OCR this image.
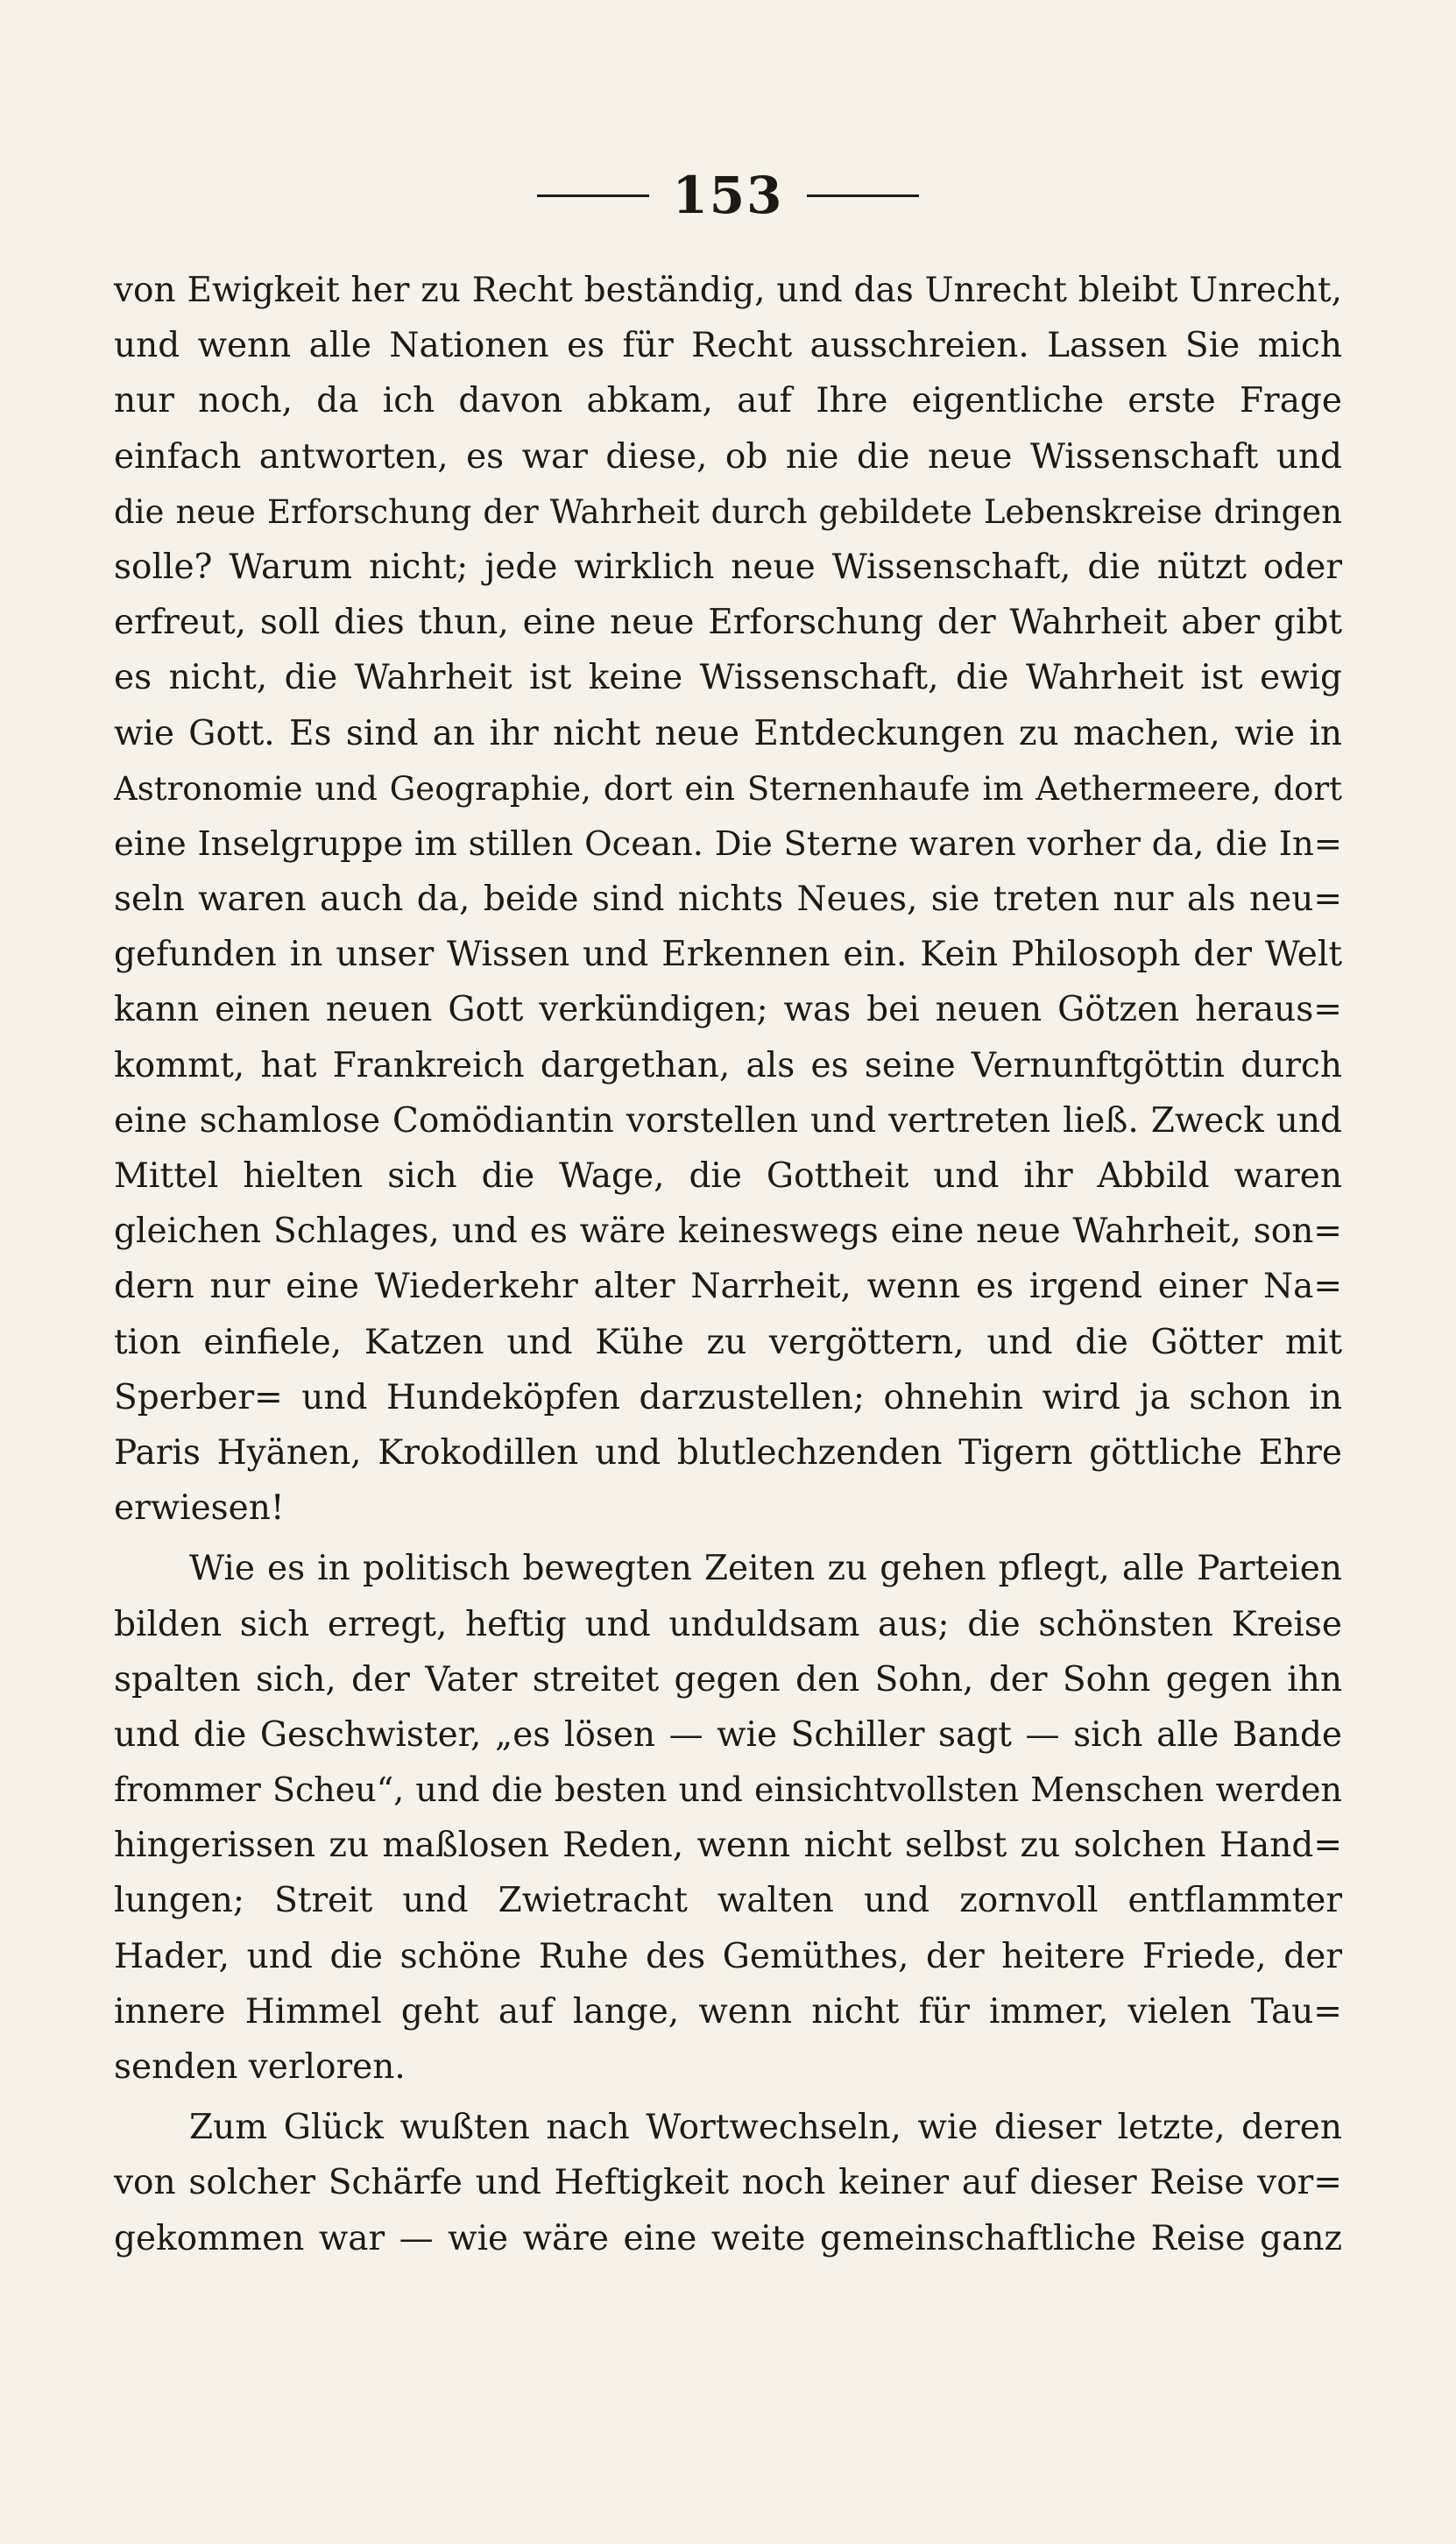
153
von Ewigkeit her zu Recht beständig, und das Unrecht bleibt Unrecht,
und wenn alle Nationen es für Recht ausschreien. Lassen Sie mich
nur noch, da ich davon abkam, auf Ihre eigentliche erste Frage
einfach antworten, es war diese, ob nie die neue Wissenschaft und
die neue Erforschung der Wahrheit durch gebildete Lebenskreise dringen
solle? Warum nicht; jede wirklich neue Wissenschaft, die nützt oder
erfreut, soll dies thun, eine neue Erforschung der Wahrheit aber gibt
es nicht, die Wahrheit ist keine Wissenschaft, die Wahrheit ist ewig
wie Gott. Es sind an ihr nicht neue Entdeckungen zu machen, wie in
Astronomie und Geographie, dort ein Sternenhaufe im Aethermeere, dort
eine Inselgruppe im stillen Ocean. Die Sterne waren vorher da, die In=
seln waren auch da, beide sind nichts Neues, sie treten nur als neu=
gefunden in unser Wissen und Erkennen ein. Kein Philosoph der Welt
kann einen neuen Gott verkündigen; was bei neuen Götzen heraus=
kommt, hat Frankreich dargethan, als es seine Vernunftgöttin durch
eine schamlose Comödiantin vorstellen und vertreten ließ. Zweck und
Mittel hielten sich die Wage, die Gottheit und ihr Abbild waren
gleichen Schlages, und es wäre keineswegs eine neue Wahrheit, son=
dern nur eine Wiederkehr alter Narrheit, wenn es irgend einer Na=
tion einfiele, Katzen und Kühe zu vergöttern, und die Götter mit
Sperber= und Hundeköpfen darzustellen; ohnehin wird ja schon in
Paris Hyänen, Krokodillen und blutlechzenden Tigern göttliche Ehre
erwiesen!
Wie es in politisch bewegten Zeiten zu gehen pflegt, alle Parteien
bilden sich erregt, heftig und unduldsam aus; die schönsten Kreise
spalten sich, der Vater streitet gegen den Sohn, der Sohn gegen ihn
und die Geschwister, „es lösen — wie Schiller sagt — sich alle Bande
frommer Scheu“, und die besten und einsichtvollsten Menschen werden
hingerissen zu maßlosen Reden, wenn nicht selbst zu solchen Hand=
lungen; Streit und Zwietracht walten und zornvoll entflammter
Hader, und die schöne Ruhe des Gemüthes, der heitere Friede, der
innere Himmel geht auf lange, wenn nicht für immer, vielen Tau=
senden verloren.
Zum Glück wußten nach Wortwechseln, wie dieser letzte, deren
von solcher Schärfe und Heftigkeit noch keiner auf dieser Reise vor=
gekommen war — wie wäre eine weite gemeinschaftliche Reise ganz
